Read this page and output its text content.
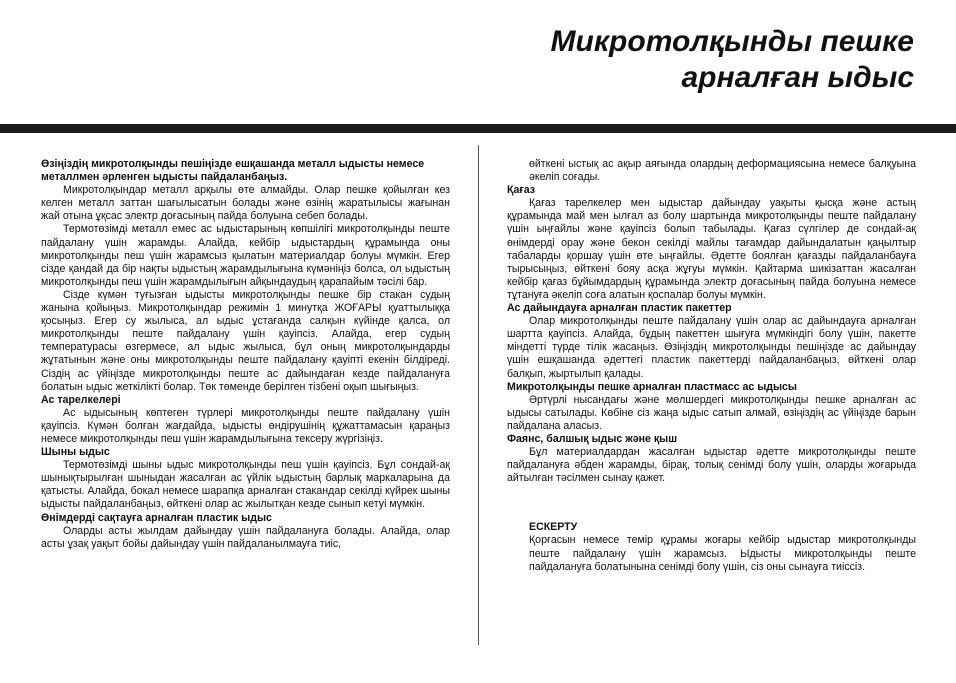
Микротолқынды пешке
арналған ыдыс

Өзіңіздің микротолқынды пешіңізде ешқашанда металл ыдысты немесе металлмен әрленген ыдысты пайдаланбаңыз.

Микротолқындар металл арқылы өте алмайды. Олар пешке қойылған кез келген металл заттан шағылысатын болады және өзінің жаратылысы жағынан жай отына ұқсас электр доғасының пайда болуына себеп болады.

Термотөзімді металл емес ас ыдыстарының көпшілігі микротолқынды пеште пайдалану үшін жарамды. Алайда, кейбір ыдыстардың құрамында оны микротолқынды пеш үшін жарамсыз қылатын материалдар болуы мүмкін. Егер сізде қандай да бір нақты ыдыстың жарамдылығына күмәніңіз болса, ол ыдыстың микротолқынды пеш үшін жарамдылығын айқындаудың қарапайым тәсілі бар.

Сізде күмән туғызған ыдысты микротолқынды пешке бір стакан судың жанына қойыңыз. Микротолқындар режимін 1 минутқа ЖОҒАРЫ қуаттылыққа қосыңыз. Егер су жылыса, ал ыдыс ұстағанда салқын күйінде қалса, ол микротолқынды пеште пайдалану үшін қауіпсіз. Алайда, егер судың температурасы өзгермесе, ал ыдыс жылыса, бұл оның микротолқындарды жұтатынын және оны микротолқынды пеште пайдалану қауіпті екенін білдіреді. Сіздің ас үйіңізде микротолқынды пеште ас дайындаған кезде пайдалануға болатын ыдыс жеткілікті болар. Төк төменде берілген тізбені оқып шығыңыз.

Ас тарелкелері

Ас ыдысының көптеген түрлері микротолқынды пеште пайдалану үшін қауіпсіз. Күмән болған жағдайда, ыдысты өндірушінің құжаттамасын қараңыз немесе микротолқынды пеш үшін жарамдылығына тексеру жүргізіңіз.

Шыны ыдыс

Термотөзімді шыны ыдыс микротолқынды пеш үшін қауіпсіз. Бұл сондай-ақ шынықтырылған шыныдан жасалған ас үйлік ыдыстың барлық маркаларына да қатысты. Алайда, бокал немесе шарапқа арналған стакандар секілді күйрек шыны ыдысты пайдаланбаңыз, өйткені олар ас жылытқан кезде сынып кетуі мүмкін.

Өнімдерді сақтауға арналған пластик ыдыс

Оларды асты жылдам дайындау үшін пайдалануға болады. Алайда, олар асты ұзақ уақыт бойы дайындау үшін пайдаланылмауға тиіс,

өйткені ыстық ас ақыр аяғында олардың деформациясына немесе балқуына әкеліп соғады.

Қағаз

Қағаз тарелкелер мен ыдыстар дайындау уақыты қысқа және астың құрамында май мен ылғал аз болу шартында микротолқынды пеште пайдалану үшін ыңғайлы және қауіпсіз болып табылады. Қағаз сүлгілер де сондай-ақ өнімдерді орау және бекон секілді майлы тағамдар дайындалатын қаңылтыр табаларды қоршау үшін өте ыңғайлы. Әдетте боялған қағазды пайдаланбауға тырысыңыз, өйткені бояу асқа жұғуы мүмкін. Қайтарма шикізаттан жасалған кейбір қағаз бұйымдардың құрамында электр доғасының пайда болуына немесе тұтануға әкеліп соға алатын қоспалар болуы мүмкін.

Ас дайындауға арналған пластик пакеттер

Олар микротолқынды пеште пайдалану үшін олар ас дайындауға арналған шартта қауіпсіз. Алайда, бұдың пакеттен шығуға мүмкіндігі болу үшін, пакетте міндетті түрде тілік жасаңыз. Өзіңіздің микротолқынды пешіңізде ас дайындау үшін ешқашанда әдеттегі пластик пакеттерді пайдаланбаңыз, өйткені олар балқып, жыртылып қалады.

Микротолқынды пешке арналған пластмасс ас ыдысы

Әртүрлі нысандағы және мөлшердегі микротолқынды пешке арналған ас ыдысы сатылады. Көбіне сіз жаңа ыдыс сатып алмай, өзіңіздің ас үйіңізде барын пайдалана аласыз.

Фаянс, балшық ыдыс және қыш

Бұл материалдардан жасалған ыдыстар әдетте микротолқынды пеште пайдалануға әбден жарамды, бірақ, толық сенімді болу үшін, оларды жоғарыда айтылған тәсілмен сынау қажет.

ЕСКЕРТУ

Қорғасын немесе темір құрамы жоғары кейбір ыдыстар микротолқынды пеште пайдалану үшін жарамсыз. Ыдысты микротолқынды пеште пайдалануға болатынына сенімді болу үшін, сіз оны сынауға тиіссіз.
